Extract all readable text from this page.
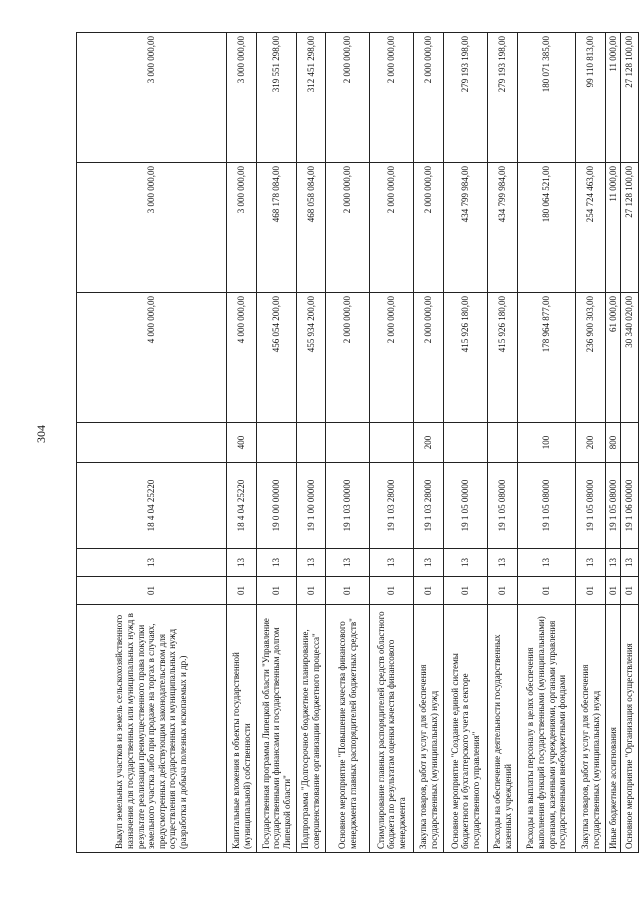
304
Выкуп земельных участков из земель сельскохозяйственного назначения для государственных или муниципальных нужд в результате реализации преимущественного права покупки земельного участка либо при продаже на торгах в случаях, предусмотренных действующим законодательством для осуществления государственных и муниципальных нужд (разработка и добыча полезных ископаемых и др.)	01	13	18 4 04 25220		4 000 000,00	3 000 000,00	3 000 000,00
Капитальные вложения в объекты государственной (муниципальной) собственности	01	13	18 4 04 25220	400	4 000 000,00	3 000 000,00	3 000 000,00
Государственная программа Липецкой области "Управление государственными финансами и государственным долгом Липецкой области"	01	13	19 0 00 00000		456 054 200,00	468 178 084,00	319 551 298,00
Подпрограмма "Долгосрочное бюджетное планирование, совершенствование организации бюджетного процесса"	01	13	19 1 00 00000		455 934 200,00	468 058 084,00	312 451 298,00
Основное мероприятие "Повышение качества финансового менеджмента главных распорядителей бюджетных средств"	01	13	19 1 03 00000		2 000 000,00	2 000 000,00	2 000 000,00
Стимулирование главных распорядителей средств областного бюджета по результатам оценки качества финансового менеджмента	01	13	19 1 03 28000		2 000 000,00	2 000 000,00	2 000 000,00
Закупка товаров, работ и услуг для обеспечения государственных (муниципальных) нужд	01	13	19 1 03 28000	200	2 000 000,00	2 000 000,00	2 000 000,00
Основное мероприятие "Создание единой системы бюджетного и бухгалтерского учета в секторе государственного управления"	01	13	19 1 05 00000		415 926 180,00	434 799 984,00	279 193 198,00
Расходы на обеспечение деятельности государственных казенных учреждений	01	13	19 1 05 08000		415 926 180,00	434 799 984,00	279 193 198,00
Расходы на выплаты персоналу в целях обеспечения выполнения функций государственными (муниципальными) органами, казенными учреждениями, органами управления государственными внебюджетными фондами	01	13	19 1 05 08000	100	178 964 877,00	180 064 521,00	180 071 385,00
Закупка товаров, работ и услуг для обеспечения государственных (муниципальных) нужд	01	13	19 1 05 08000	200	236 900 303,00	254 724 463,00	99 110 813,00
Иные бюджетные ассигнования	01	13	19 1 05 08000	800	61 000,00	11 000,00	11 000,00
Основное мероприятие "Организация осуществления	01	13	19 1 06 00000		30 340 020,00	27 128 100,00	27 128 100,00
